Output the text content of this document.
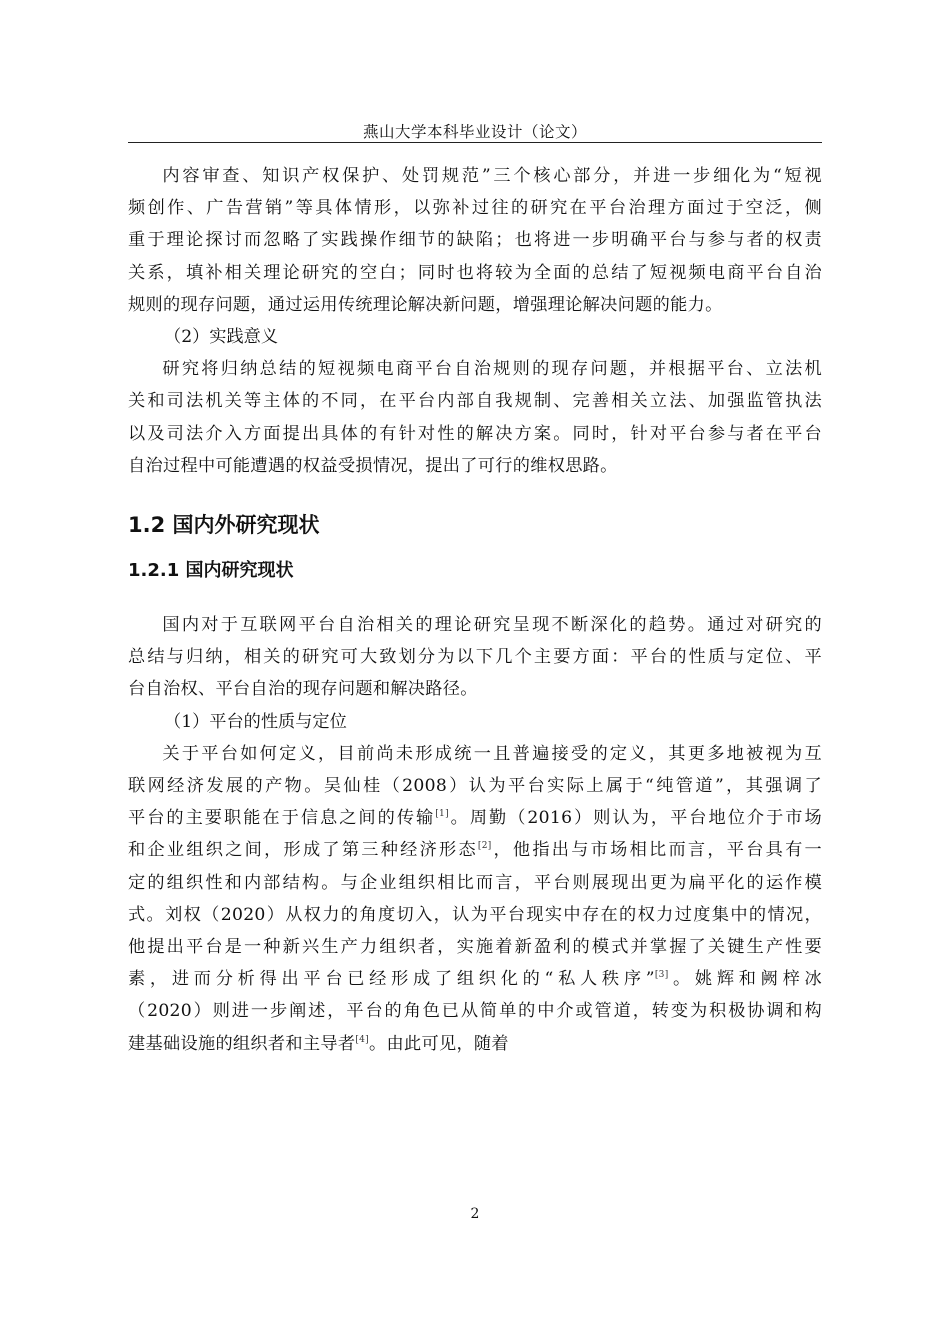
燕山大学本科毕业设计（论文）

内容审查、知识产权保护、处罚规范”三个核心部分，并进一步细化为“短视
频创作、广告营销”等具体情形，以弥补过往的研究在平台治理方面过于空泛，侧
重于理论探讨而忽略了实践操作细节的缺陷；也将进一步明确平台与参与者的权责
关系，填补相关理论研究的空白；同时也将较为全面的总结了短视频电商平台自治
规则的现存问题，通过运用传统理论解决新问题，增强理论解决问题的能力。

（2）实践意义

研究将归纳总结的短视频电商平台自治规则的现存问题，并根据平台、立法机
关和司法机关等主体的不同，在平台内部自我规制、完善相关立法、加强监管执法
以及司法介入方面提出具体的有针对性的解决方案。同时，针对平台参与者在平台
自治过程中可能遭遇的权益受损情况，提出了可行的维权思路。

1.2 国内外研究现状
1.2.1 国内研究现状

国内对于互联网平台自治相关的理论研究呈现不断深化的趋势。通过对研究的
总结与归纳，相关的研究可大致划分为以下几个主要方面：平台的性质与定位、平
台自治权、平台自治的现存问题和解决路径。

（1）平台的性质与定位

关于平台如何定义，目前尚未形成统一且普遍接受的定义，其更多地被视为互
联网经济发展的产物。吴仙桂（2008）认为平台实际上属于“纯管道”，其强调了
平台的主要职能在于信息之间的传输[1]。周勤（2016）则认为，平台地位介于市场
和企业组织之间，形成了第三种经济形态[2]，他指出与市场相比而言，平台具有一
定的组织性和内部结构。与企业组织相比而言，平台则展现出更为扁平化的运作模
式。刘权（2020）从权力的角度切入，认为平台现实中存在的权力过度集中的情况，
他提出平台是一种新兴生产力组织者，实施着新盈利的模式并掌握了关键生产性要
素，进而分析得出平台已经形成了组织化的“私人秩序”[3]。姚辉和阙梓冰
（2020）则进一步阐述，平台的角色已从简单的中介或管道，转变为积极协调和构
建基础设施的组织者和主导者[4]。由此可见，随着

2
